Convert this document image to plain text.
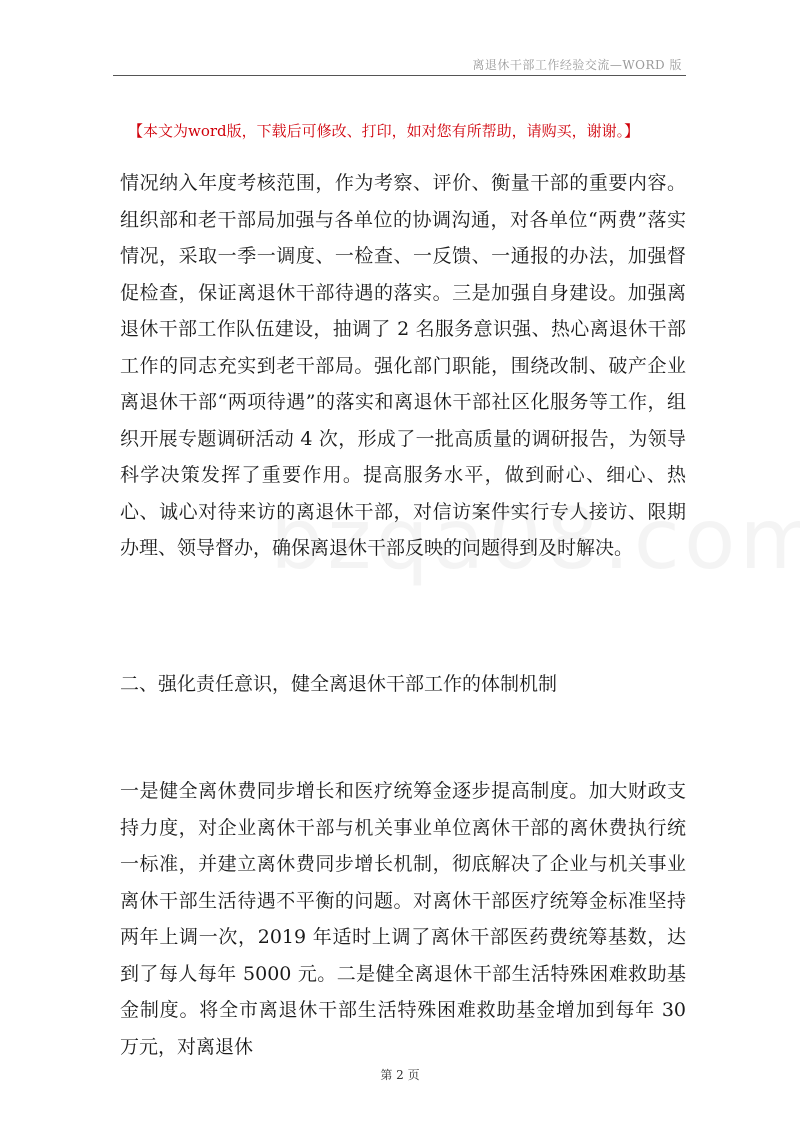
离退休干部工作经验交流—WORD 版
【本文为word版，下载后可修改、打印，如对您有所帮助，请购买，谢谢。】

情况纳入年度考核范围，作为考察、评价、衡量干部的重要内容。组织部和老干部局加强与各单位的协调沟通，对各单位“两费”落实情况，采取一季一调度、一检查、一反馈、一通报的办法，加强督促检查，保证离退休干部待遇的落实。三是加强自身建设。加强离退休干部工作队伍建设，抽调了 2 名服务意识强、热心离退休干部工作的同志充实到老干部局。强化部门职能，围绕改制、破产企业离退休干部“两项待遇”的落实和离退休干部社区化服务等工作，组织开展专题调研活动 4 次，形成了一批高质量的调研报告，为领导科学决策发挥了重要作用。提高服务水平，做到耐心、细心、热心、诚心对待来访的离退休干部，对信访案件实行专人接访、限期办理、领导督办，确保离退休干部反映的问题得到及时解决。

二、强化责任意识，健全离退休干部工作的体制机制

一是健全离休费同步增长和医疗统筹金逐步提高制度。加大财政支持力度，对企业离休干部与机关事业单位离休干部的离休费执行统一标准，并建立离休费同步增长机制，彻底解决了企业与机关事业离休干部生活待遇不平衡的问题。对离休干部医疗统筹金标准坚持两年上调一次，2019 年适时上调了离休干部医药费统筹基数，达到了每人每年 5000 元。二是健全离退休干部生活特殊困难救助基金制度。将全市离退休干部生活特殊困难救助基金增加到每年 30 万元，对离退休

第 2 页
